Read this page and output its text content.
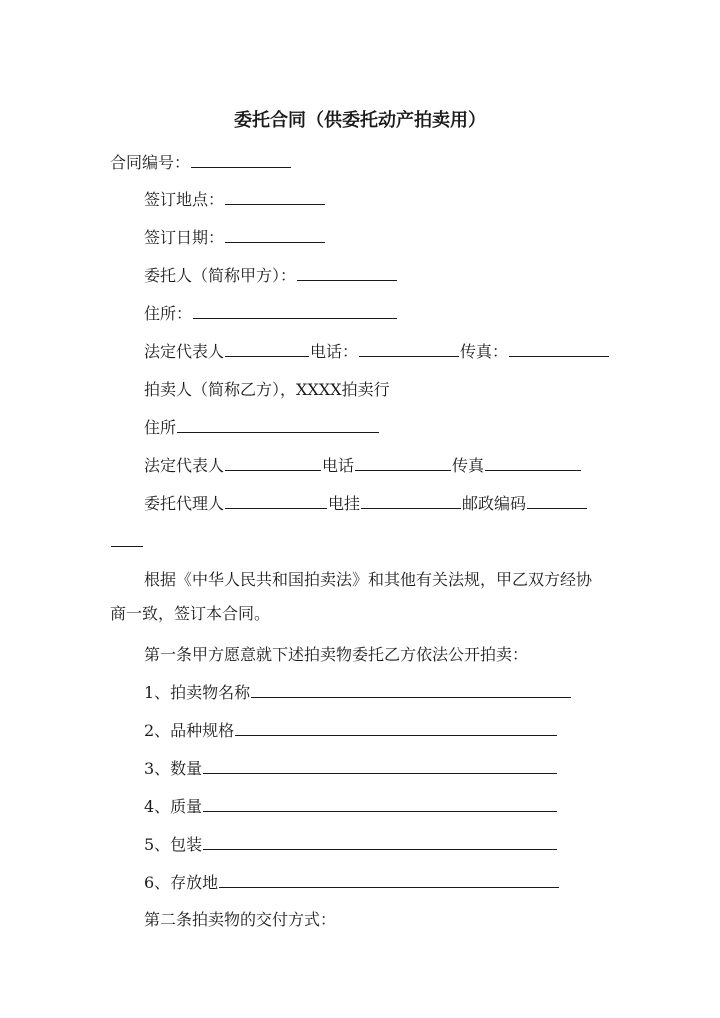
委托合同（供委托动产拍卖用）
合同编号：
签订地点：
签订日期：
委托人（简称甲方）：
住所：
法定代表人	电话：	传真：
拍卖人（简称乙方），XXXX拍卖行
住所
法定代表人	电话	传真
委托代理人	电挂	邮政编码
根据《中华人民共和国拍卖法》和其他有关法规，甲乙双方经协
商一致，签订本合同。
第一条甲方愿意就下述拍卖物委托乙方依法公开拍卖：
1、拍卖物名称
2、品种规格
3、数量
4、质量
5、包装
6、存放地
第二条拍卖物的交付方式：
